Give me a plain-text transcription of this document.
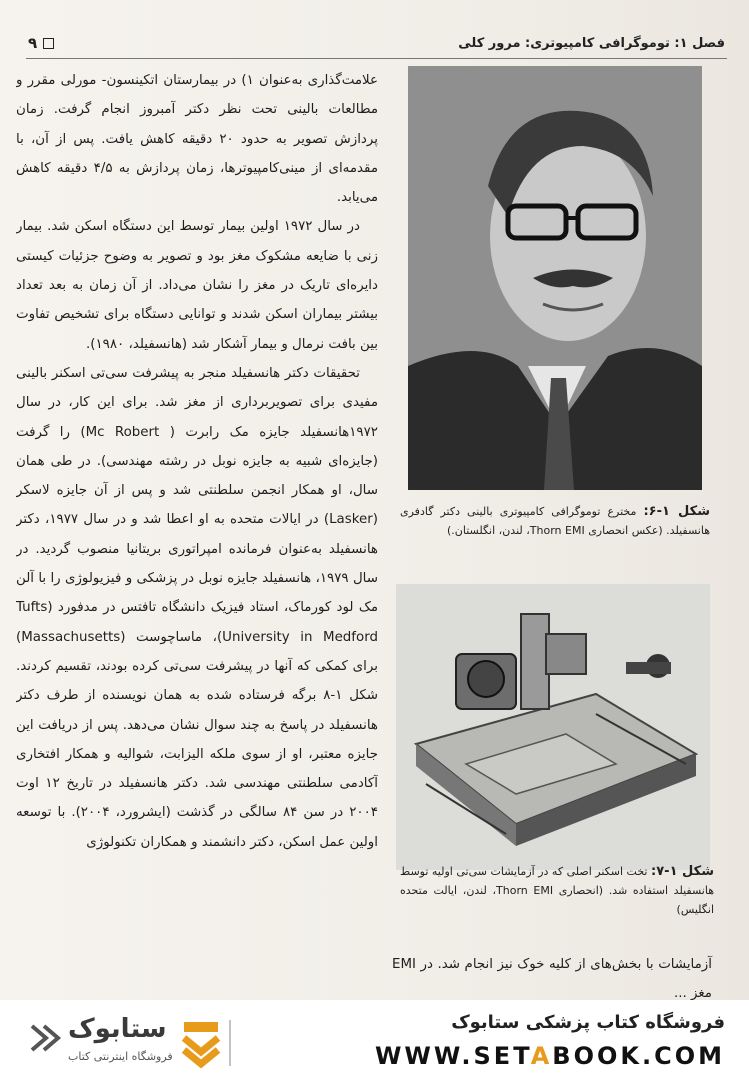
فصل ۱: توموگرافی کامپیوتری: مرور کلی
۹

علامت‌گذاری به‌عنوان ۱) در بیمارستان اتکینسون- مورلی مقرر و مطالعات بالینی تحت نظر دکتر آمبروز انجام گرفت. زمان پردازش تصویر به حدود ۲۰ دقیقه کاهش یافت. پس از آن، با مقدمه‌ای از مینی‌کامپیوترها، زمان پردازش به ۴/۵ دقیقه کاهش می‌یابد.

در سال ۱۹۷۲ اولین بیمار توسط این دستگاه اسکن شد. بیمار زنی با ضایعه مشکوک مغز بود و تصویر به وضوح جزئیات کیستی دایره‌ای تاریک در مغز را نشان می‌داد. از آن زمان به بعد تعداد بیشتر بیماران اسکن شدند و توانایی دستگاه برای تشخیص تفاوت بین بافت نرمال و بیمار آشکار شد (هانسفیلد، ۱۹۸۰).

تحقیقات دکتر هانسفیلد منجر به پیشرفت سی‌تی اسکنر بالینی مفیدی برای تصویربرداری از مغز شد. برای این کار، در سال ۱۹۷۲هانسفیلد جایزه مک رابرت ( Mc Robert) را گرفت (جایزه‌ای شبیه به جایزه نوبل در رشته مهندسی). در طی همان سال، او همکار انجمن سلطنتی شد و پس از آن جایزه لاسکر (Lasker) در ایالات متحده به او اعطا شد و در سال ۱۹۷۷، دکتر هانسفیلد به‌عنوان فرمانده امپراتوری بریتانیا منصوب گردید. در سال ۱۹۷۹، هانسفیلد جایزه نوبل در پزشکی و فیزیولوژی را با آلن مک لود کورماک، استاد فیزیک دانشگاه تافتس در مدفورد (Tufts University in Medford)، ماساچوست (Massachusetts) برای کمکی که آنها در پیشرفت سی‌تی کرده بودند، تقسیم کردند. شکل ۱-۸ برگه فرستاده شده به همان نویسنده از طرف دکتر هانسفیلد در پاسخ به چند سوال نشان می‌دهد. پس از دریافت این جایزه معتبر، او از سوی ملکه الیزابت، شوالیه و همکار افتخاری آکادمی سلطنتی مهندسی شد. دکتر هانسفیلد در تاریخ ۱۲ اوت ۲۰۰۴ در سن ۸۴ سالگی در گذشت (ایشرورد، ۲۰۰۴). با توسعه اولین عمل اسکن، دکتر دانشمند و همکاران تکنولوژی

شکل ۱-۶: مخترع توموگرافی کامپیوتری بالینی دکتر گادفری هانسفیلد. (عکس انحصاری Thorn EMI، لندن، انگلستان.)
شکل ۱-۷: تخت اسکنر اصلی که در آزمایشات سی‌تی اولیه توسط هانسفیلد استفاده شد. (انحصاری Thorn EMI، لندن، ایالت متحده انگلیس)
آزمایشات با بخش‌های از کلیه خوک نیز انجام شد. در EMI مغز ...
ستابوک
فروشگاه اینترنتی کتاب
فروشگاه کتاب پزشکی ستابوک
WWW.SETABOOK.COM
